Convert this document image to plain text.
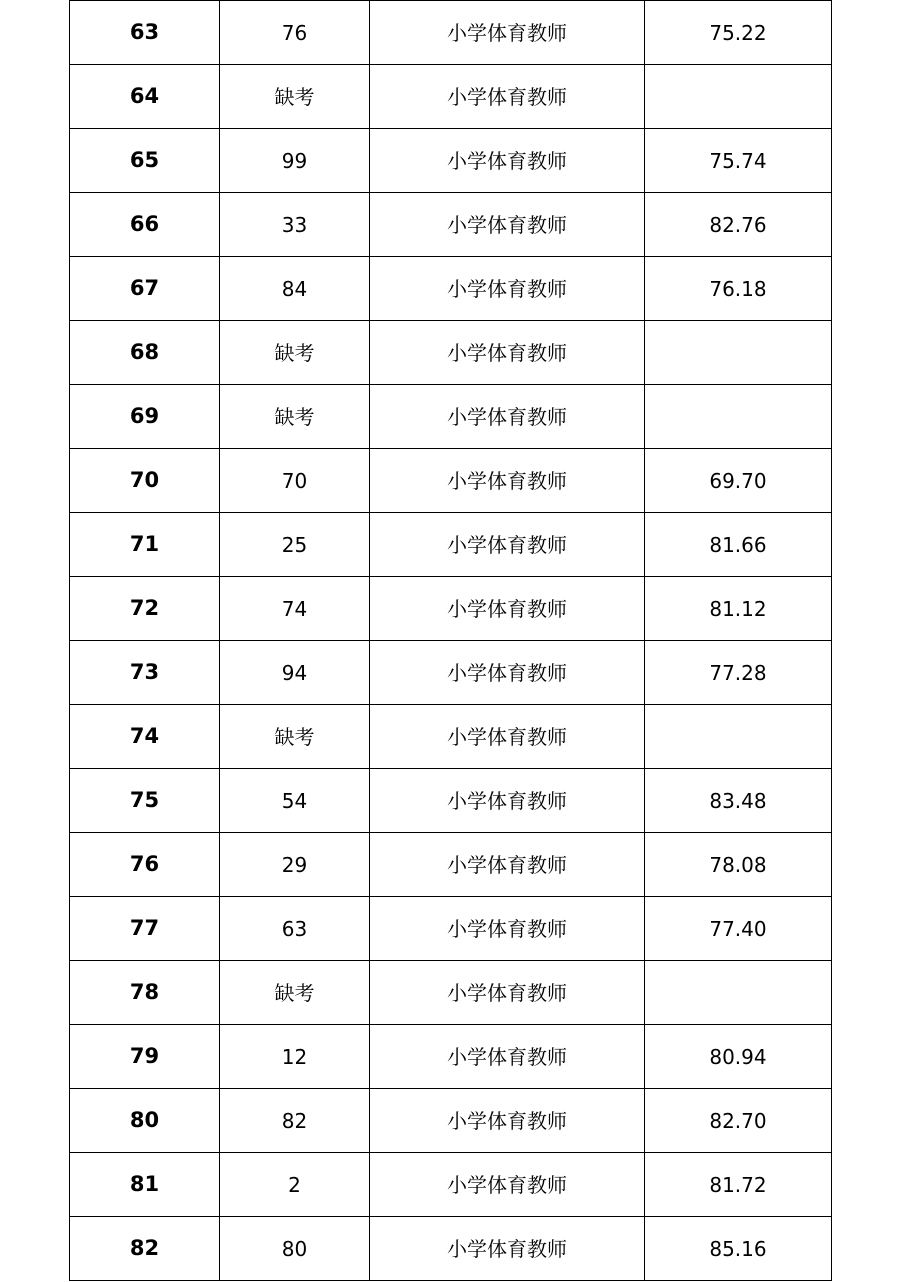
63	76	小学体育教师	75.22
64	缺考	小学体育教师	
65	99	小学体育教师	75.74
66	33	小学体育教师	82.76
67	84	小学体育教师	76.18
68	缺考	小学体育教师	
69	缺考	小学体育教师	
70	70	小学体育教师	69.70
71	25	小学体育教师	81.66
72	74	小学体育教师	81.12
73	94	小学体育教师	77.28
74	缺考	小学体育教师	
75	54	小学体育教师	83.48
76	29	小学体育教师	78.08
77	63	小学体育教师	77.40
78	缺考	小学体育教师	
79	12	小学体育教师	80.94
80	82	小学体育教师	82.70
81	2	小学体育教师	81.72
82	80	小学体育教师	85.16
